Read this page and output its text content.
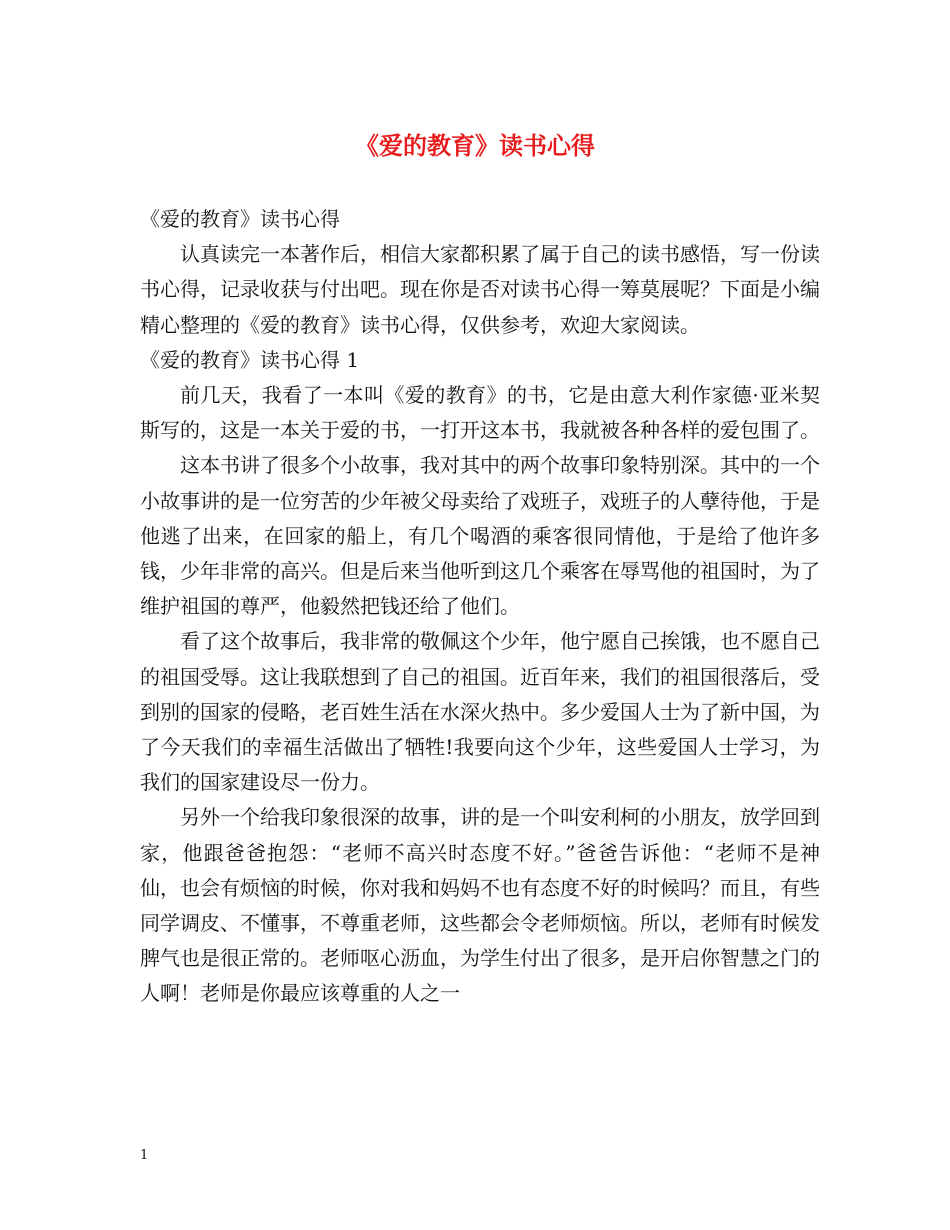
《爱的教育》读书心得

《爱的教育》读书心得

认真读完一本著作后，相信大家都积累了属于自己的读书感悟，写一份读书心得，记录收获与付出吧。现在你是否对读书心得一筹莫展呢？下面是小编精心整理的《爱的教育》读书心得，仅供参考，欢迎大家阅读。

《爱的教育》读书心得 1

前几天，我看了一本叫《爱的教育》的书，它是由意大利作家德·亚米契斯写的，这是一本关于爱的书，一打开这本书，我就被各种各样的爱包围了。

这本书讲了很多个小故事，我对其中的两个故事印象特别深。其中的一个小故事讲的是一位穷苦的少年被父母卖给了戏班子，戏班子的人孽待他，于是他逃了出来，在回家的船上，有几个喝酒的乘客很同情他，于是给了他许多钱，少年非常的高兴。但是后来当他听到这几个乘客在辱骂他的祖国时，为了维护祖国的尊严，他毅然把钱还给了他们。

看了这个故事后，我非常的敬佩这个少年，他宁愿自己挨饿，也不愿自己的祖国受辱。这让我联想到了自己的祖国。近百年来，我们的祖国很落后，受到别的国家的侵略，老百姓生活在水深火热中。多少爱国人士为了新中国，为了今天我们的幸福生活做出了牺牲!我要向这个少年，这些爱国人士学习，为我们的国家建设尽一份力。

另外一个给我印象很深的故事，讲的是一个叫安利柯的小朋友，放学回到家，他跟爸爸抱怨：“老师不高兴时态度不好。”爸爸告诉他：“老师不是神仙，也会有烦恼的时候，你对我和妈妈不也有态度不好的时候吗？而且，有些同学调皮、不懂事，不尊重老师，这些都会令老师烦恼。所以，老师有时候发脾气也是很正常的。老师呕心沥血，为学生付出了很多，是开启你智慧之门的人啊！老师是你最应该尊重的人之一

1
